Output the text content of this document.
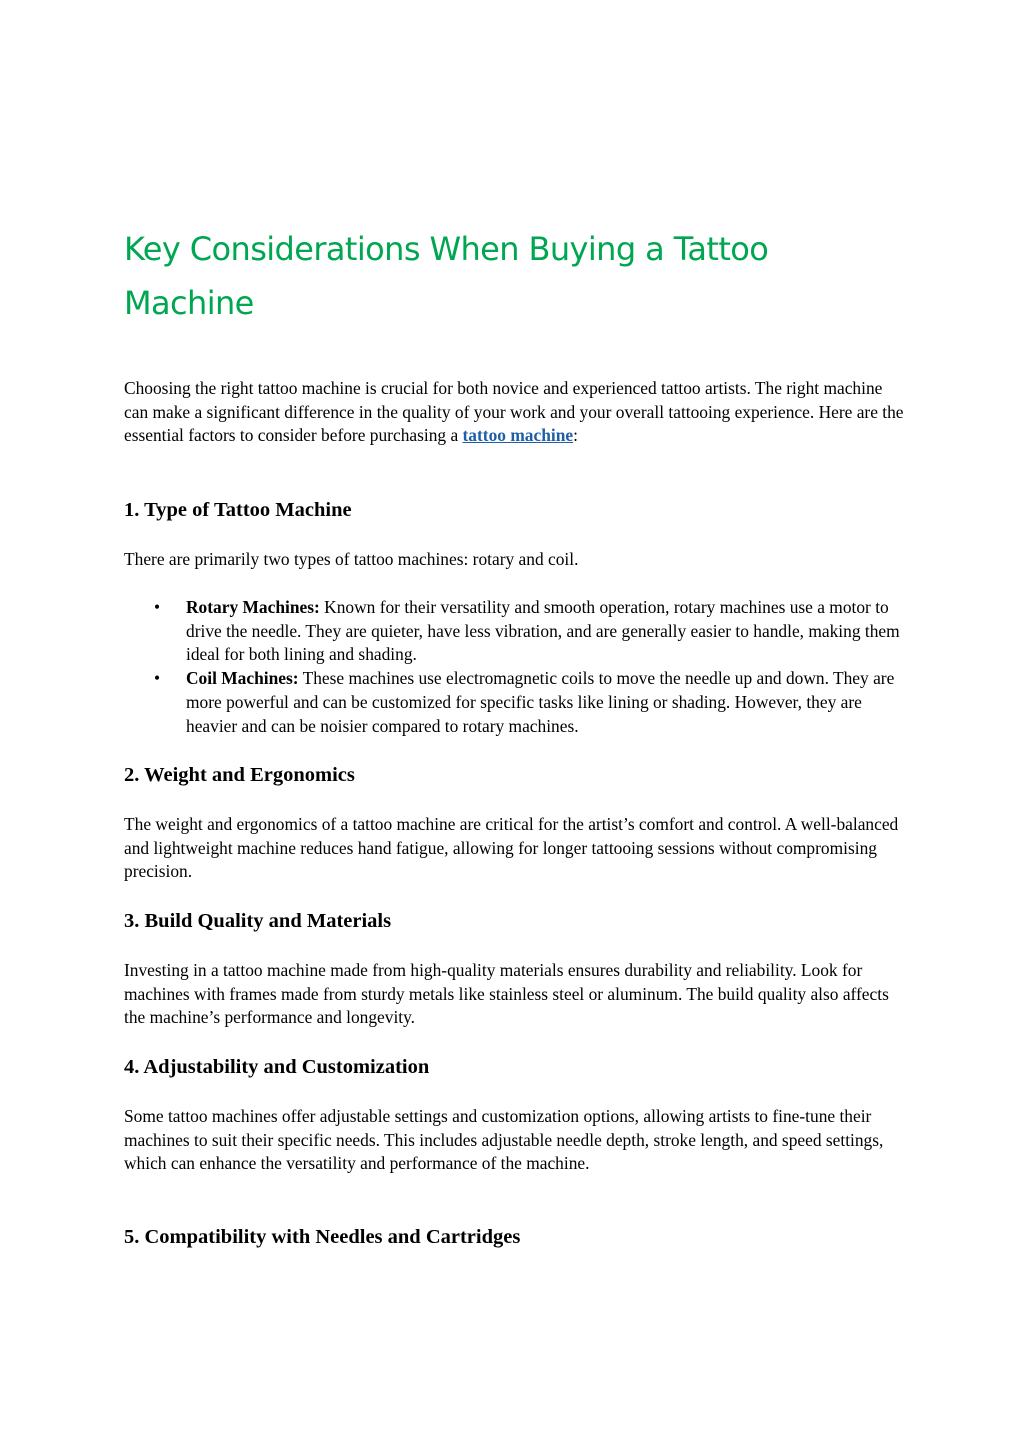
Key Considerations When Buying a Tattoo Machine

Choosing the right tattoo machine is crucial for both novice and experienced tattoo artists. The right machine can make a significant difference in the quality of your work and your overall tattooing experience. Here are the essential factors to consider before purchasing a tattoo machine:

1. Type of Tattoo Machine

There are primarily two types of tattoo machines: rotary and coil.

• Rotary Machines: Known for their versatility and smooth operation, rotary machines use a motor to drive the needle. They are quieter, have less vibration, and are generally easier to handle, making them ideal for both lining and shading.
• Coil Machines: These machines use electromagnetic coils to move the needle up and down. They are more powerful and can be customized for specific tasks like lining or shading. However, they are heavier and can be noisier compared to rotary machines.
2. Weight and Ergonomics

The weight and ergonomics of a tattoo machine are critical for the artist’s comfort and control. A well-balanced and lightweight machine reduces hand fatigue, allowing for longer tattooing sessions without compromising precision.

3. Build Quality and Materials

Investing in a tattoo machine made from high-quality materials ensures durability and reliability. Look for machines with frames made from sturdy metals like stainless steel or aluminum. The build quality also affects the machine’s performance and longevity.

4. Adjustability and Customization

Some tattoo machines offer adjustable settings and customization options, allowing artists to fine-tune their machines to suit their specific needs. This includes adjustable needle depth, stroke length, and speed settings, which can enhance the versatility and performance of the machine.

5. Compatibility with Needles and Cartridges
